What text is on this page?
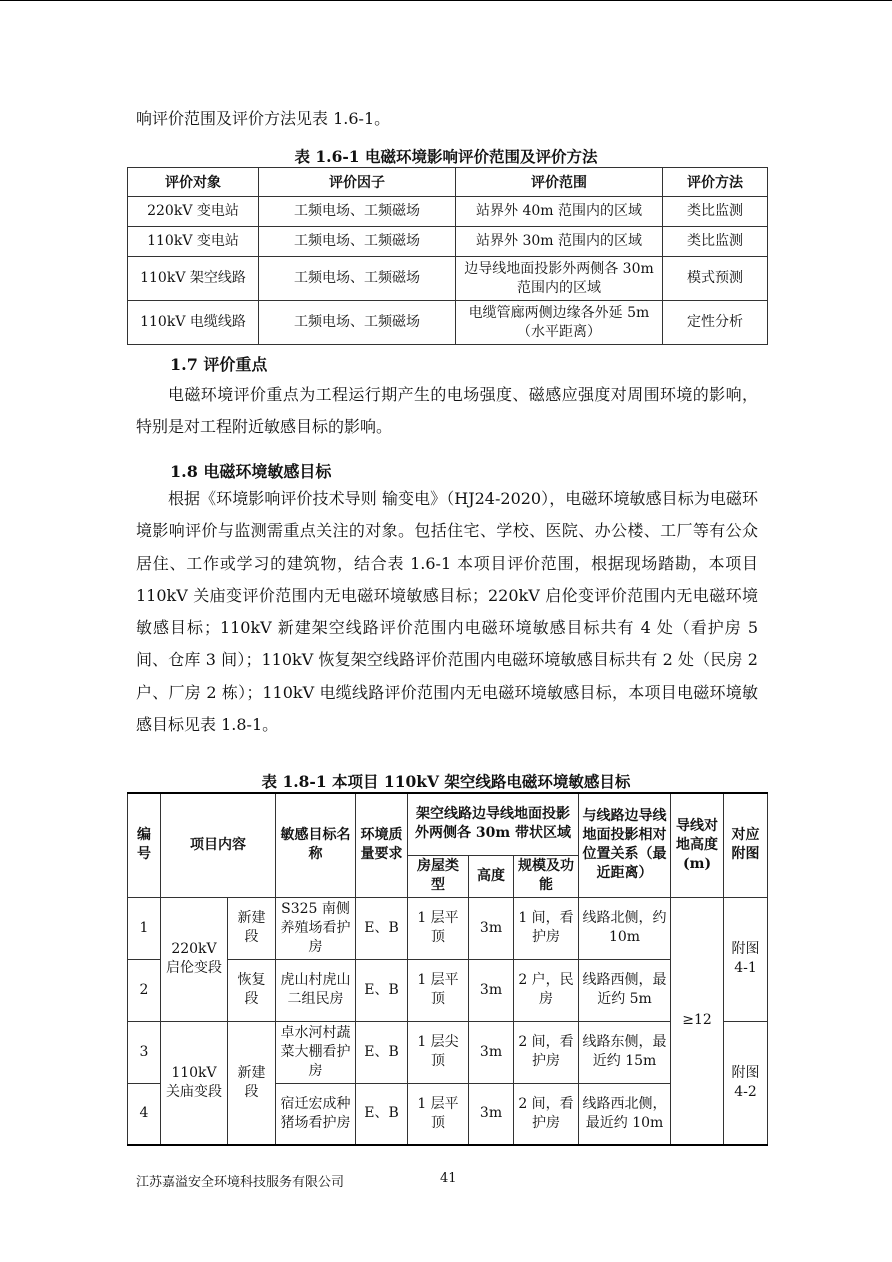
响评价范围及评价方法见表 1.6-1。

表 1.6-1 电磁环境影响评价范围及评价方法

评价对象	评价因子	评价范围	评价方法
220kV 变电站	工频电场、工频磁场	站界外 40m 范围内的区域	类比监测
110kV 变电站	工频电场、工频磁场	站界外 30m 范围内的区域	类比监测
110kV 架空线路	工频电场、工频磁场	边导线地面投影外两侧各 30m 范围内的区域	模式预测
110kV 电缆线路	工频电场、工频磁场	电缆管廊两侧边缘各外延 5m（水平距离）	定性分析

1.7 评价重点

电磁环境评价重点为工程运行期产生的电场强度、磁感应强度对周围环境的影响，特别是对工程附近敏感目标的影响。

1.8 电磁环境敏感目标

根据《环境影响评价技术导则 输变电》（HJ24-2020），电磁环境敏感目标为电磁环境影响评价与监测需重点关注的对象。包括住宅、学校、医院、办公楼、工厂等有公众居住、工作或学习的建筑物，结合表 1.6-1 本项目评价范围，根据现场踏勘，本项目 110kV 关庙变评价范围内无电磁环境敏感目标；220kV 启伦变评价范围内无电磁环境敏感目标；110kV 新建架空线路评价范围内电磁环境敏感目标共有 4 处（看护房 5 间、仓库 3 间）；110kV 恢复架空线路评价范围内电磁环境敏感目标共有 2 处（民房 2 户、厂房 2 栋）；110kV 电缆线路评价范围内无电磁环境敏感目标，本项目电磁环境敏感目标见表 1.8-1。

表 1.8-1 本项目 110kV 架空线路电磁环境敏感目标

编号	项目内容		敏感目标名称	环境质量要求	架空线路边导线地面投影外两侧各 30m 带状区域			与线路边导线地面投影相对位置关系（最近距离）	导线对地高度(m)	对应附图
					房屋类型	高度	规模及功能			
1	220kV 启伦变段	新建段	S325 南侧养殖场看护房	E、B	1 层平顶	3m	1 间，看护房	线路北侧，约 10m	≥12	附图4-1
2		恢复段	虎山村虎山二组民房	E、B	1 层平顶	3m	2 户，民房	线路西侧，最近约 5m		
3	110kV 关庙变段	新建段	卓水河村蔬菜大棚看护房	E、B	1 层尖顶	3m	2 间，看护房	线路东侧，最近约 15m		附图4-2
4			宿迁宏成种猪场看护房	E、B	1 层平顶	3m	2 间，看护房	线路西北侧，最近约 10m		
江苏嘉溢安全环境科技服务有限公司	41
